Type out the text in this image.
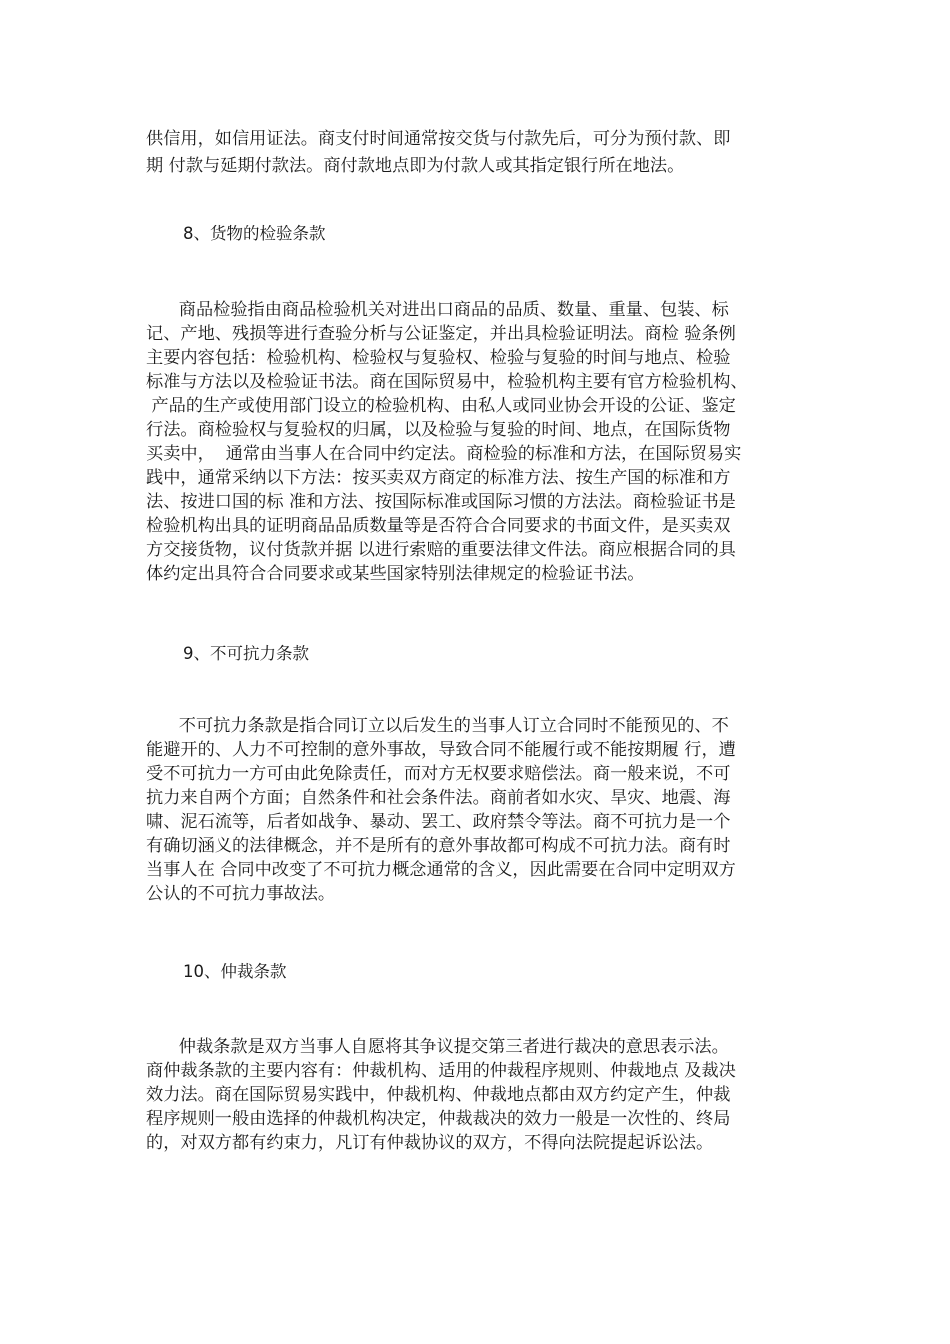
供信用，如信用证法。商支付时间通常按交货与付款先后，可分为预付款、即
期 付款与延期付款法。商付款地点即为付款人或其指定银行所在地法。
8、货物的检验条款
商品检验指由商品检验机关对进出口商品的品质、数量、重量、包装、标
记、产地、残损等进行查验分析与公证鉴定，并出具检验证明法。商检 验条例
主要内容包括：检验机构、检验权与复验权、检验与复验的时间与地点、检验
标准与方法以及检验证书法。商在国际贸易中，检验机构主要有官方检验机构、
产品的生产或使用部门设立的检验机构、由私人或同业协会开设的公证、鉴定
行法。商检验权与复验权的归属，以及检验与复验的时间、地点，在国际货物
买卖中，  通常由当事人在合同中约定法。商检验的标准和方法，在国际贸易实
践中，通常采纳以下方法：按买卖双方商定的标准方法、按生产国的标准和方
法、按进口国的标 准和方法、按国际标准或国际习惯的方法法。商检验证书是
检验机构出具的证明商品品质数量等是否符合合同要求的书面文件，是买卖双
方交接货物，议付货款并据 以进行索赔的重要法律文件法。商应根据合同的具
体约定出具符合合同要求或某些国家特别法律规定的检验证书法。
9、不可抗力条款
不可抗力条款是指合同订立以后发生的当事人订立合同时不能预见的、不
能避开的、人力不可控制的意外事故，导致合同不能履行或不能按期履 行，遭
受不可抗力一方可由此免除责任，而对方无权要求赔偿法。商一般来说，不可
抗力来自两个方面；自然条件和社会条件法。商前者如水灾、旱灾、地震、海
啸、泥石流等，后者如战争、暴动、罢工、政府禁令等法。商不可抗力是一个
有确切涵义的法律概念，并不是所有的意外事故都可构成不可抗力法。商有时
当事人在 合同中改变了不可抗力概念通常的含义，因此需要在合同中定明双方
公认的不可抗力事故法。
10、仲裁条款
仲裁条款是双方当事人自愿将其争议提交第三者进行裁决的意思表示法。
商仲裁条款的主要内容有：仲裁机构、适用的仲裁程序规则、仲裁地点 及裁决
效力法。商在国际贸易实践中，仲裁机构、仲裁地点都由双方约定产生，仲裁
程序规则一般由选择的仲裁机构决定，仲裁裁决的效力一般是一次性的、终局
的，对双方都有约束力，凡订有仲裁协议的双方，不得向法院提起诉讼法。
